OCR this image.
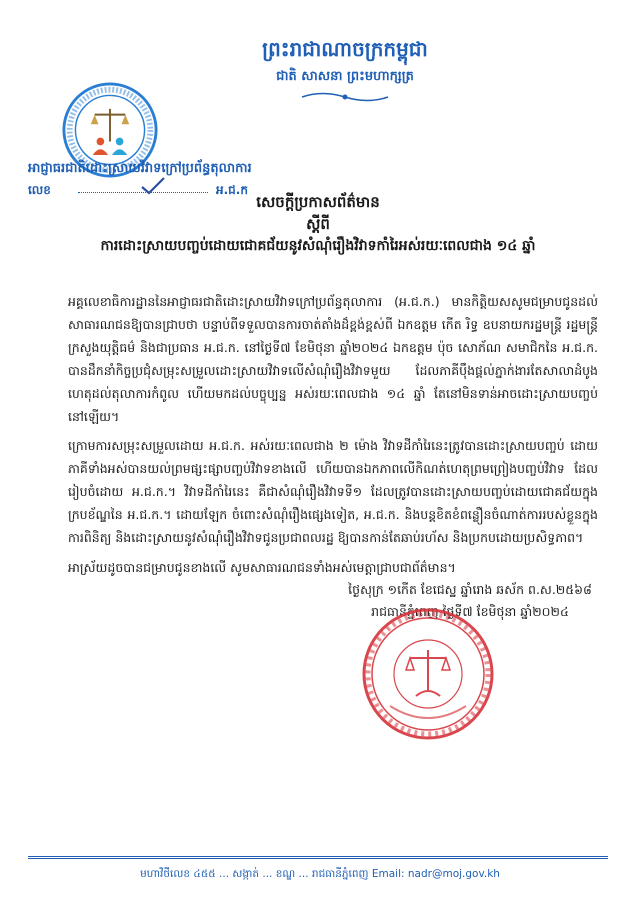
ព្រះរាជាណាចក្រកម្ពុជា
ជាតិ សាសនា ព្រះមហាក្សត្រ
អាជ្ញាធរជាតិដោះស្រាយវិវាទក្រៅប្រព័ន្ធតុលាការ
លេខ	អ.ជ.ក
សេចក្តីប្រកាសព័ត៌មាន
ស្តីពី
ការដោះស្រាយបញ្ចប់ដោយជោគជ័យនូវសំណុំរឿងវិវាទកាំរៃអស់រយៈពេលជាង ១៤ ឆ្នាំ
អគ្គលេខាធិការដ្ឋាននៃអាជ្ញាធរជាតិដោះស្រាយវិវាទក្រៅប្រព័ន្ធតុលាការ (អ.ជ.ក.) មានកិត្តិយសសូមជម្រាបជូនដល់សាធារណជនឱ្យបានជ្រាបថា បន្ទាប់ពីទទួលបានការចាត់តាំងដ៏ខ្ពង់ខ្ពស់ពី ឯកឧត្តម កើត រិទ្ធ ឧបនាយករដ្ឋមន្ត្រី រដ្ឋមន្ត្រីក្រសួងយុត្តិធម៌ និងជាប្រធាន អ.ជ.ក. នៅថ្ងៃទី៧ ខែមិថុនា ឆ្នាំ២០២៤ ឯកឧត្តម ប៉ុច សោភ័ណ សមាជិកនៃ អ.ជ.ក. បានដឹកនាំកិច្ចប្រជុំសម្រុះសម្រួលដោះស្រាយវិវាទលើសំណុំរឿងវិវាទមួយ ដែលភាគីបុឹងផ្តល់ភ្នាក់ងារតែសាលាដំបូង ហេតុដល់តុលាការកំពូល ហើយមកដល់បច្ចុប្បន្ន អស់រយៈពេលជាង ១៤ ឆ្នាំ តែនៅមិនទាន់អាចដោះស្រាយបញ្ចប់នៅឡើយ។
ក្រោមការសម្រុះសម្រួលដោយ អ.ជ.ក. អស់រយៈពេលជាង ២ ម៉ោង វិវាទដីកាំរៃនេះត្រូវបានដោះស្រាយបញ្ចប់ ដោយភាគីទាំងអស់បានយល់ព្រមផ្សះផ្សាបញ្ចប់វិវាទខាងលើ ហើយបានឯកភាពលើកិណត់ហេតុព្រមព្រៀងបញ្ចប់វិវាទ ដែលរៀបចំដោយ អ.ជ.ក.។ វិវាទដីកាំរៃនេះ គឺជាសំណុំរឿងវិវាទទី១ ដែលត្រូវបានដោះស្រាយបញ្ចប់ដោយជោគជ័យក្នុងក្របខ័ណ្ឌនៃ អ.ជ.ក.។ ដោយឡែក ចំពោះសំណុំរឿងផ្សេងទៀត, អ.ជ.ក. និងបន្តខិតខំពន្លឿនចំណាត់ការរបស់ខ្លួនក្នុងការពិនិត្យ និងដោះស្រាយនូវសំណុំរឿងវិវាទជូនប្រជាពលរដ្ឋ ឱ្យបានកាន់តែឆាប់រហ័ស និងប្រកបដោយប្រសិទ្ធភាព។
អាស្រ័យដូចបានជម្រាបជូនខាងលើ សូមសាធារណជនទាំងអស់មេត្តាជ្រាបជាព័ត៌មាន។
ថ្ងៃសុក្រ ១កើត ខែជេស្ឋ ឆ្នាំរោង ឆស័ក ព.ស.២៥៦៨
រាជធានីភ្នំពេញ ថ្ងៃទី៧ ខែមិថុនា ឆ្នាំ២០២៤
មហាវិថីលេខ ៤៥៥ ... សង្កាត់ ... ខណ្ឌ ... រាជធានីភ្នំពេញ Email: nadr@moj.gov.kh
